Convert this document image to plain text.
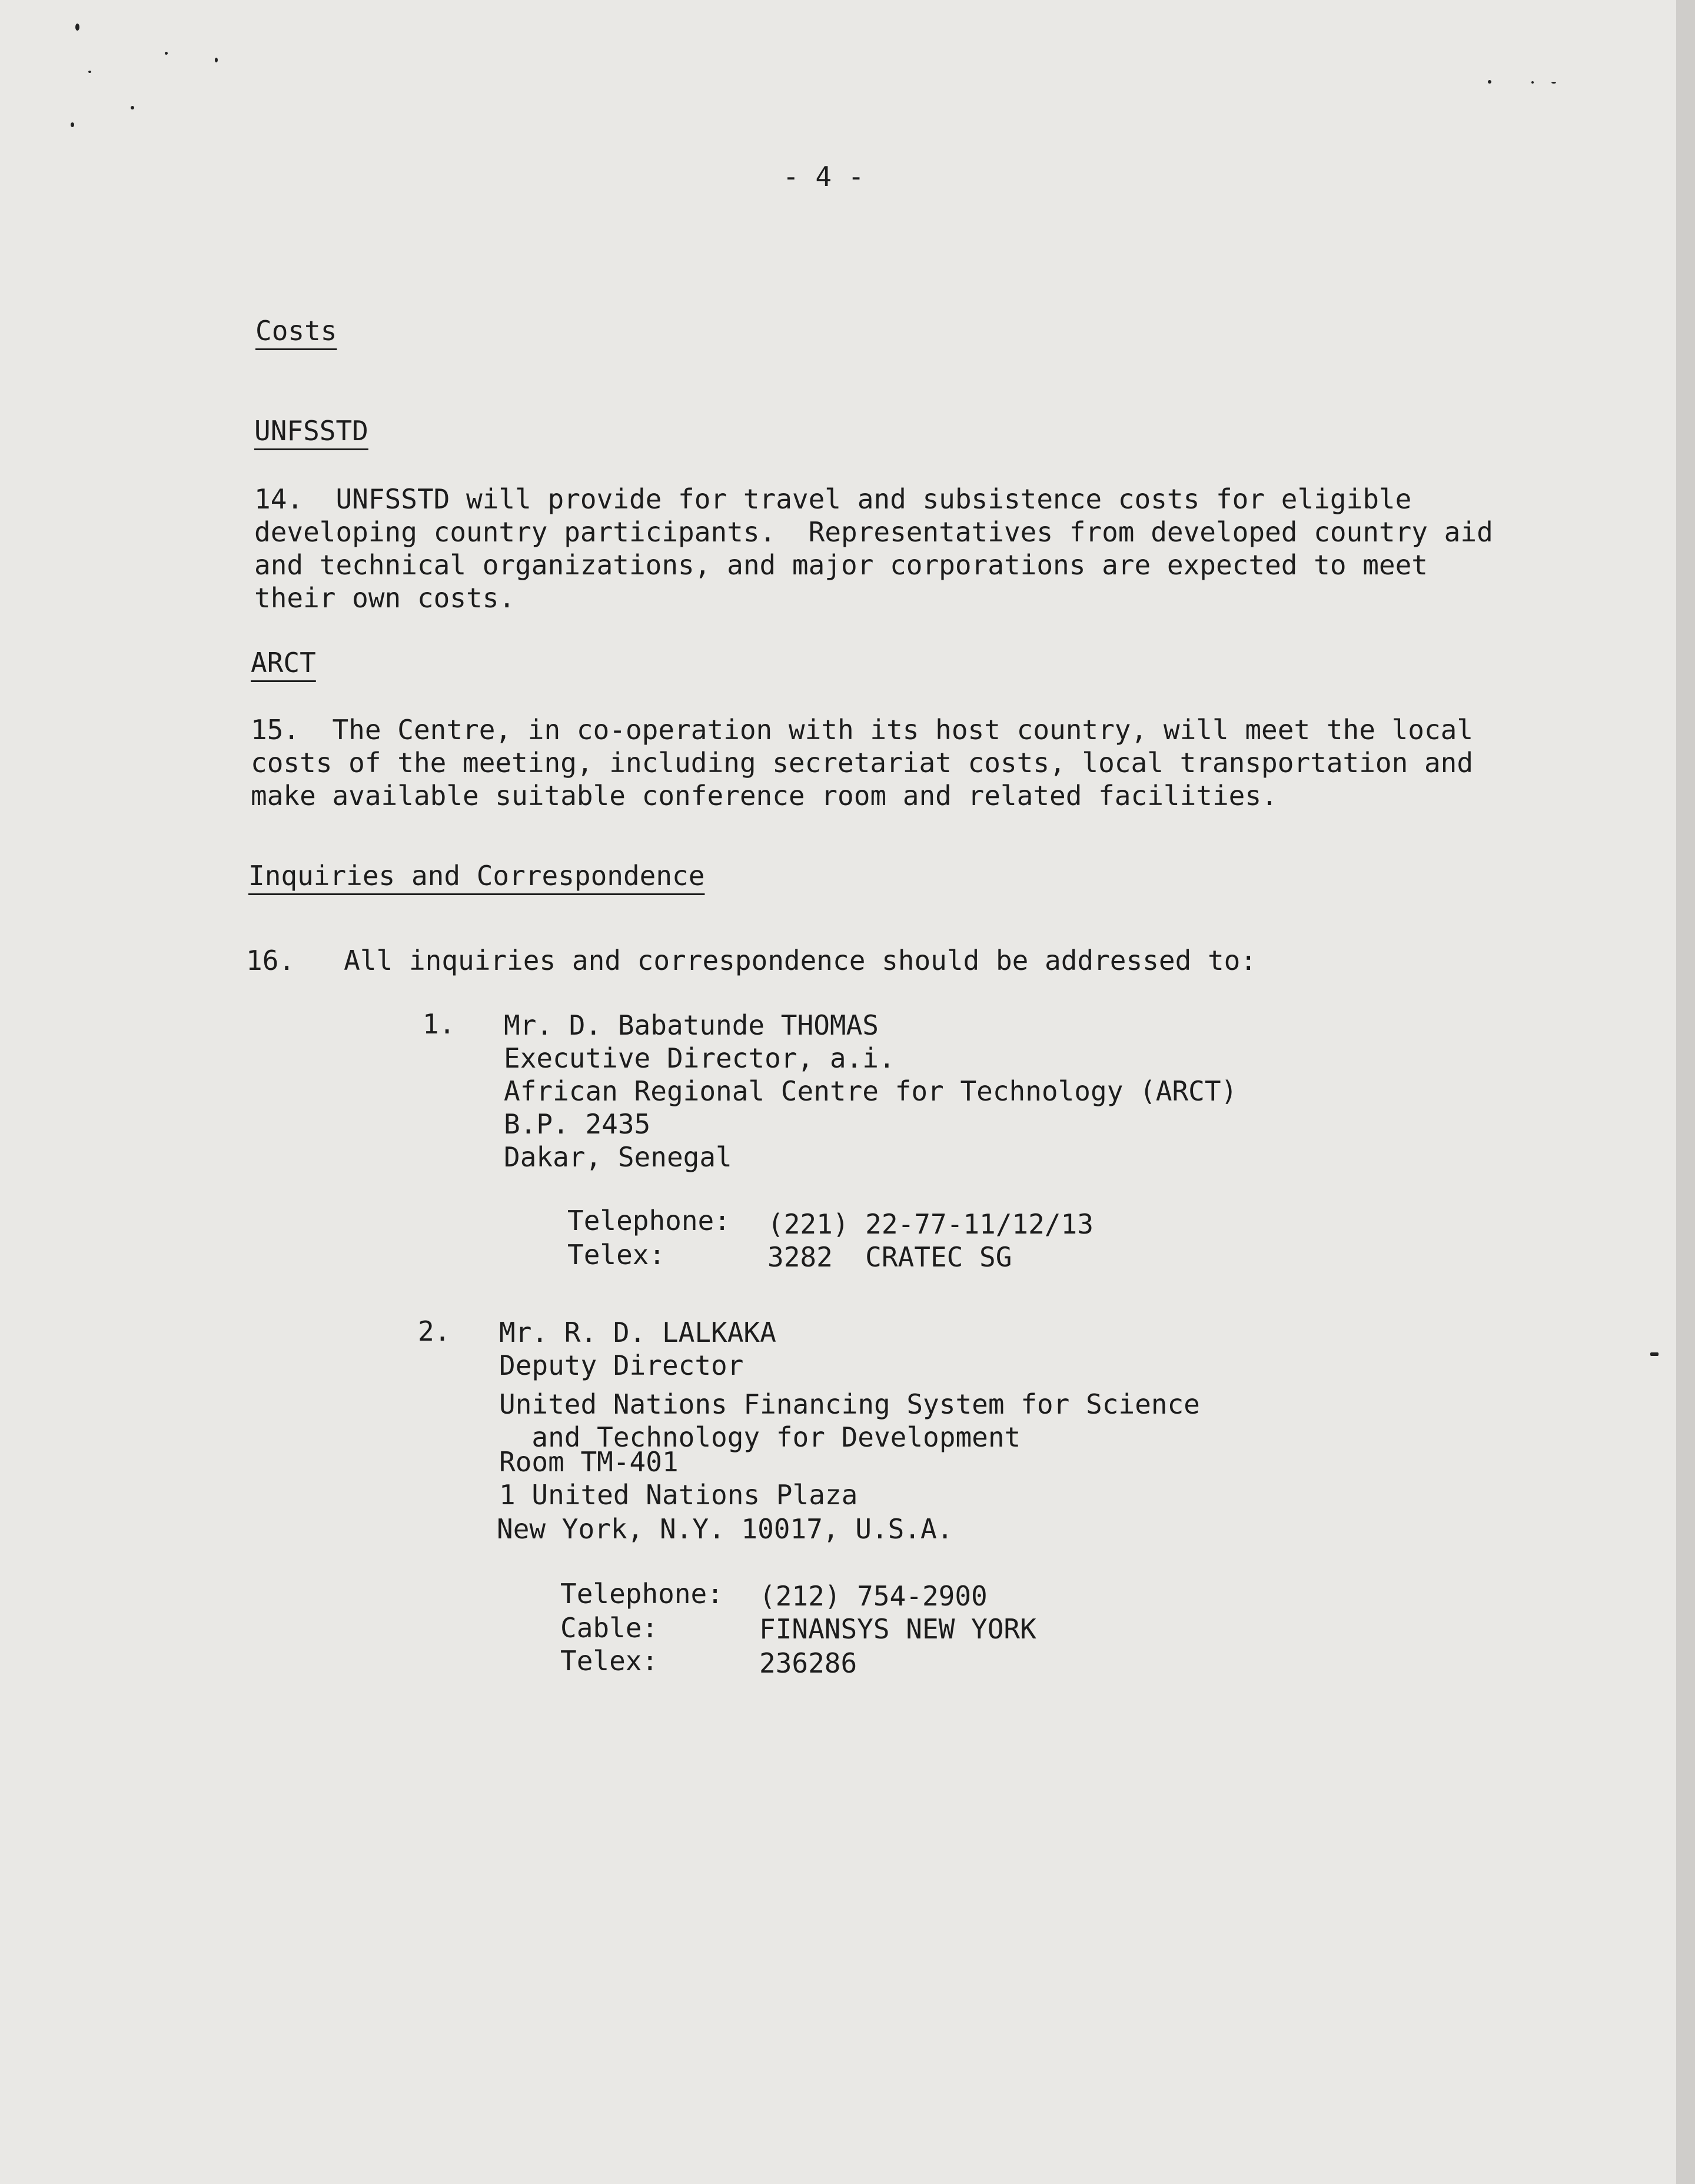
- 4 -

Costs

UNFSSTD

14.  UNFSSTD will provide for travel and subsistence costs for eligible

developing country participants.  Representatives from developed country aid

and technical organizations, and major corporations are expected to meet

their own costs.

ARCT

15.  The Centre, in co-operation with its host country, will meet the local

costs of the meeting, including secretariat costs, local transportation and

make available suitable conference room and related facilities.

Inquiries and Correspondence

16.   All inquiries and correspondence should be addressed to:

1. Mr. D. Babatunde THOMAS

Executive Director, a.i.

African Regional Centre for Technology (ARCT)

B.P. 2435

Dakar, Senegal

Telephone: (221) 22-77-11/12/13

Telex:	3282  CRATEC SG

2. Mr. R. D. LALKAKA

Deputy Director

United Nations Financing System for Science

and Technology for Development

Room TM-401

1 United Nations Plaza

New York, N.Y. 10017, U.S.A.

Telephone: (212) 754-2900

Cable:	FINANSYS NEW YORK

Telex:	236286
